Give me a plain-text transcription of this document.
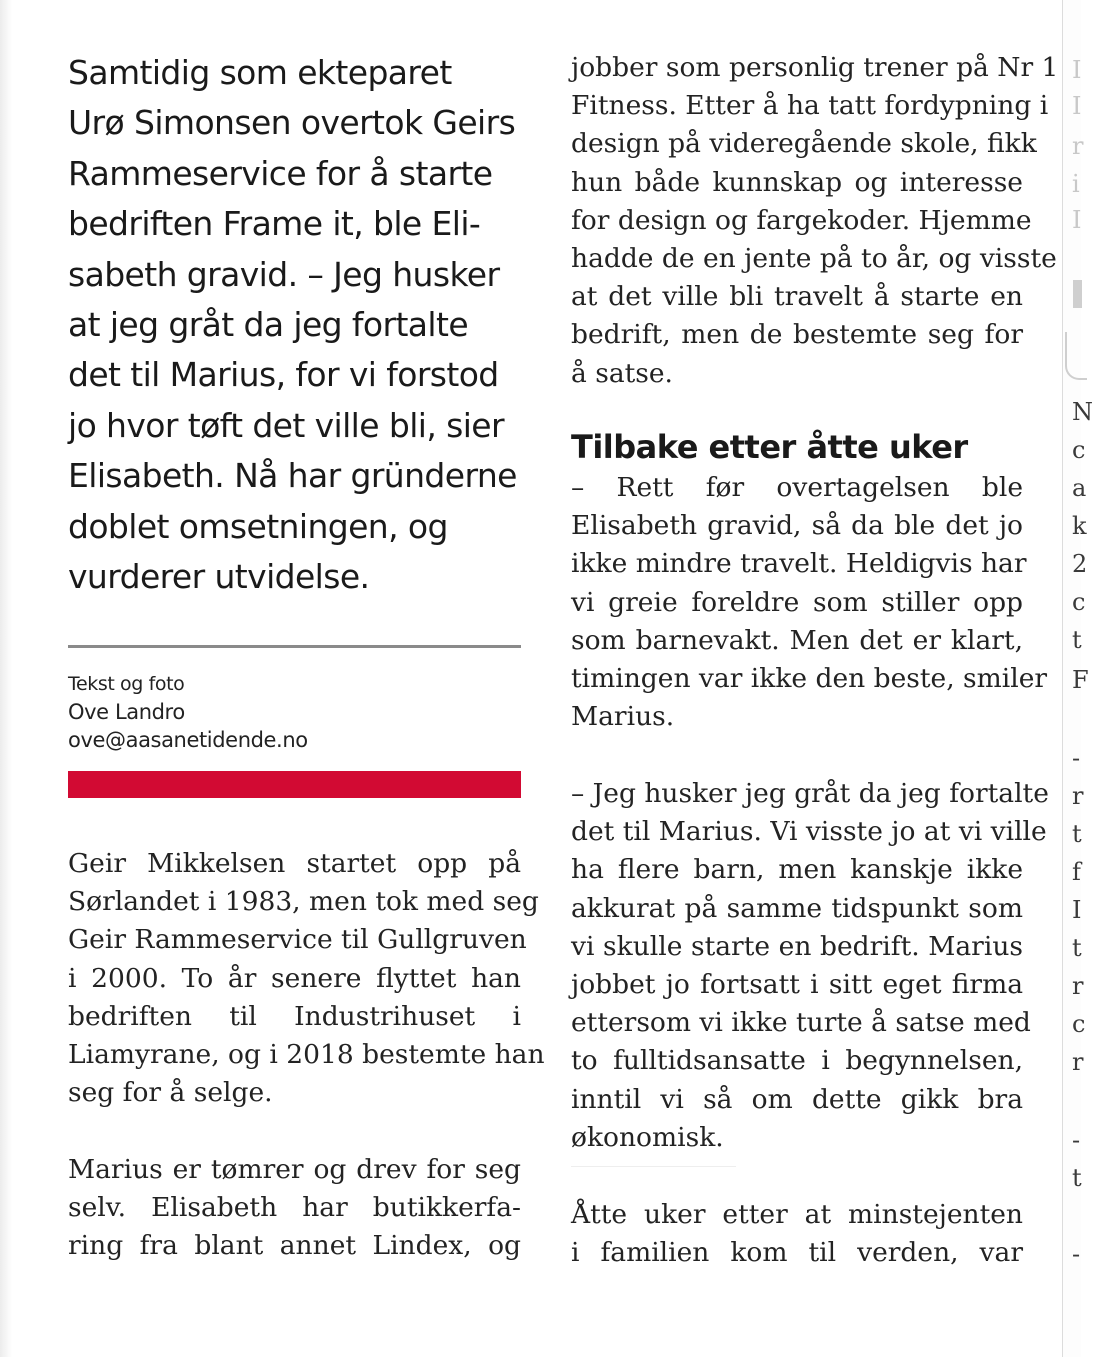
Samtidig som ekteparet
Urø Simonsen overtok Geirs
Rammeservice for å starte
bedriften Frame it, ble Eli-
sabeth gravid. – Jeg husker
at jeg gråt da jeg fortalte
det til Marius, for vi forstod
jo hvor tøft det ville bli, sier
Elisabeth. Nå har gründerne
doblet omsetningen, og
vurderer utvidelse.

Tekst og foto
Ove Landro
ove@aasanetidende.no

Geir Mikkelsen startet opp på
Sørlandet i 1983, men tok med seg
Geir Rammeservice til Gullgruven
i 2000. To år senere flyttet han
bedriften til Industrihuset i
Liamyrane, og i 2018 bestemte han
seg for å selge.

Marius er tømrer og drev for seg
selv. Elisabeth har butikkerfa-
ring fra blant annet Lindex, og

jobber som personlig trener på Nr 1
Fitness. Etter å ha tatt fordypning i
design på videregående skole, fikk
hun både kunnskap og interesse
for design og fargekoder. Hjemme
hadde de en jente på to år, og visste
at det ville bli travelt å starte en
bedrift, men de bestemte seg for
å satse.

Tilbake etter åtte uker

– Rett før overtagelsen ble
Elisabeth gravid, så da ble det jo
ikke mindre travelt. Heldigvis har
vi greie foreldre som stiller opp
som barnevakt. Men det er klart,
timingen var ikke den beste, smiler
Marius.

– Jeg husker jeg gråt da jeg fortalte
det til Marius. Vi visste jo at vi ville
ha flere barn, men kanskje ikke
akkurat på samme tidspunkt som
vi skulle starte en bedrift. Marius
jobbet jo fortsatt i sitt eget firma
ettersom vi ikke turte å satse med
to fulltidsansatte i begynnelsen,
inntil vi så om dette gikk bra
økonomisk.

Åtte uker etter at minstejenten
i familien kom til verden, var

I
I
r
i
I
N
c
a
k
2
c
t
F
-
r
t
f
I
t
r
c
r
-
t
-
